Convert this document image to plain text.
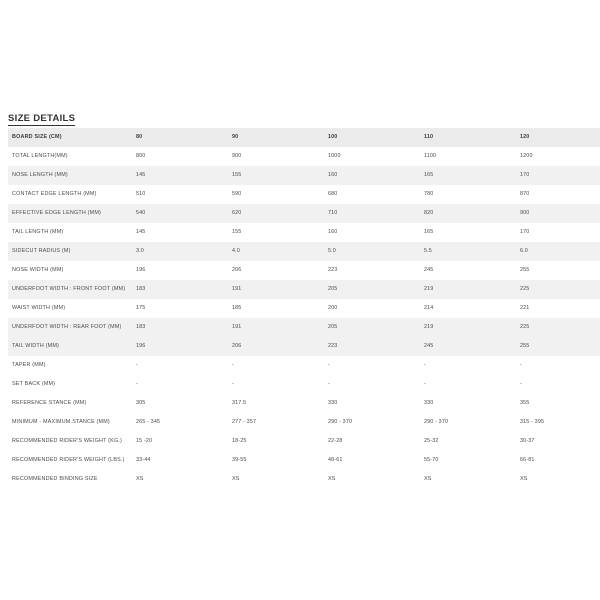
SIZE DETAILS
BOARD SIZE (CM)	80	90	100	110	120
TOTAL LENGTH(MM)	800	900	1000	1100	1200
NOSE LENGTH (MM)	145	155	160	165	170
CONTACT EDGE LENGTH (MM)	510	590	680	780	870
EFFECTIVE EDGE LENGTH (MM)	540	620	710	820	900
TAIL LENGTH (MM)	145	155	160	165	170
SIDECUT RADIUS (M)	3.0	4.0	5.0	5.5	6.0
NOSE WIDTH (MM)	196	206	223	245	255
UNDERFOOT WIDTH : FRONT FOOT (MM)	183	191	205	219	225
WAIST WIDTH (MM)	175	185	200	214	221
UNDERFOOT WIDTH : REAR FOOT (MM)	183	191	205	219	225
TAIL WIDTH (MM)	196	206	223	245	255
TAPER (MM)	-	-	-	-	-
SET BACK (MM)	-	-	-	-	-
REFERENCE STANCE (MM)	305	317.5	330	330	355
MINIMUM - MAXIMUM STANCE (MM)	265 - 345	277 - 357	290 - 370	290 - 370	315 - 395
RECOMMENDED RIDER'S WEIGHT (KG.)	15 -20	18-25	22-28	25-32	30-37
RECOMMENDED RIDER'S WEIGHT (LBS.)	33-44	39-55	48-61	55-70	66-81
RECOMMENDED BINDING SIZE	XS	XS	XS	XS	XS
